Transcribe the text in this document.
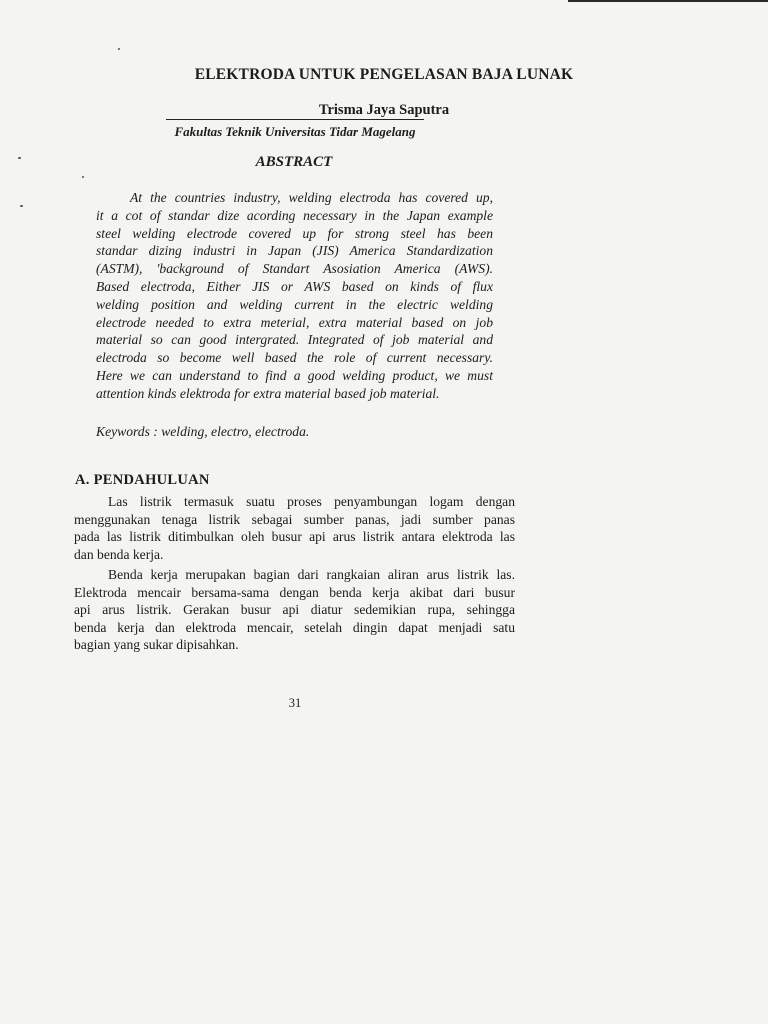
ELEKTRODA UNTUK PENGELASAN BAJA LUNAK
Trisma Jaya Saputra
Fakultas Teknik Universitas Tidar Magelang
ABSTRACT
At the countries industry, welding electroda has covered up,
it a cot of standar dize acording necessary in the Japan example
steel welding electrode covered up for strong steel has been
standar dizing industri in Japan (JIS) America Standardization
(ASTM), 'background of Standart Asosiation America (AWS).
Based electroda, Either JIS or AWS based on kinds of flux
welding position and welding current in the electric welding
electrode needed to extra meterial, extra material based on job
material so can good intergrated. Integrated of job material and
electroda so become well based the role of current necessary.
Here we can understand to find a good welding product, we must
attention kinds elektroda for extra material based job material.
Keywords : welding, electro, electroda.
A. PENDAHULUAN
Las listrik termasuk suatu proses penyambungan logam dengan
menggunakan tenaga listrik sebagai sumber panas, jadi sumber panas
pada las listrik ditimbulkan oleh busur api arus listrik antara elektroda las
dan benda kerja.
Benda kerja merupakan bagian dari rangkaian aliran arus listrik las.
Elektroda mencair bersama-sama dengan benda kerja akibat dari busur
api arus listrik. Gerakan busur api diatur sedemikian rupa, sehingga
benda kerja dan elektroda mencair, setelah dingin dapat menjadi satu
bagian yang sukar dipisahkan.
31
